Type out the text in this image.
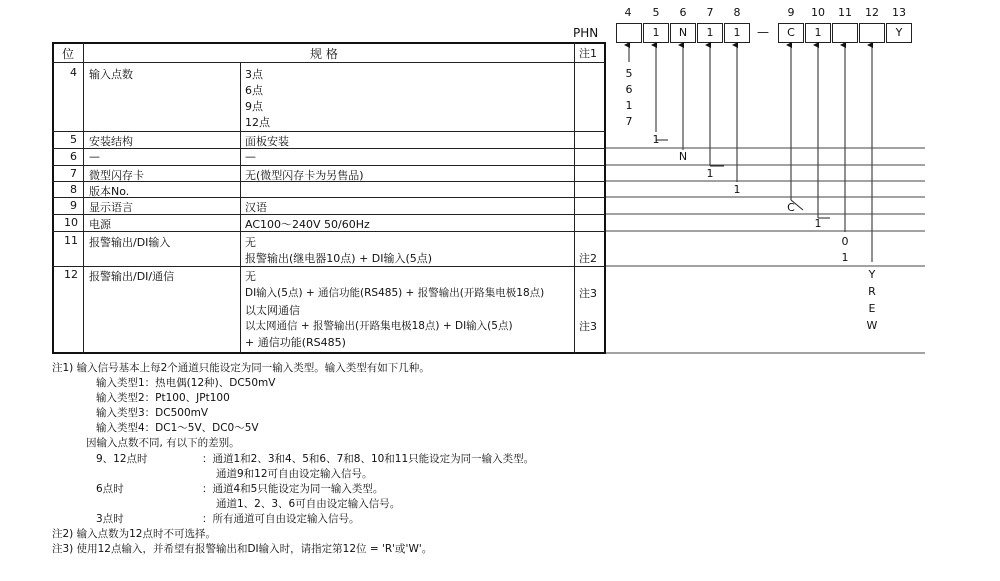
4	5	6	7	8	9	10 11 12 13
PHN	1	N	1	1	—	C	1	Y
5
6
1
7
1
N
1
1
C
1
0
1
Y
R
E
W
位	规 格	注1
4 输入点数	3点
6点
9点
12点
5 安装结构	面板安装
6 —	—
7 微型闪存卡	无(微型闪存卡为另售品)
8 版本No.
9 显示语言	汉语
10 电源	AC100～240V 50/60Hz
11 报警输出/DI输入	无
报警输出(继电器10点) + DI输入(5点)	注2
12 报警输出/DI/通信	无
DI输入(5点) + 通信功能(RS485) + 报警输出(开路集电极18点)	注3
以太网通信
以太网通信 + 报警输出(开路集电极18点) + DI输入(5点)	注3
+ 通信功能(RS485)
注1) 输入信号基本上每2个通道只能设定为同一输入类型。输入类型有如下几种。
输入类型1：热电偶(12种)、DC50mV
输入类型2：Pt100、JPt100
输入类型3：DC500mV
输入类型4：DC1～5V、DC0～5V
因输入点数不同, 有以下的差别。
9、12点时	：通道1和2、3和4、5和6、7和8、10和11只能设定为同一输入类型。
通道9和12可自由设定输入信号。
6点时	：通道4和5只能设定为同一输入类型。
通道1、2、3、6可自由设定输入信号。
3点时	：所有通道可自由设定输入信号。
注2) 输入点数为12点时不可选择。
注3) 使用12点输入，并希望有报警输出和DI输入时，请指定第12位 = 'R'或'W'。
